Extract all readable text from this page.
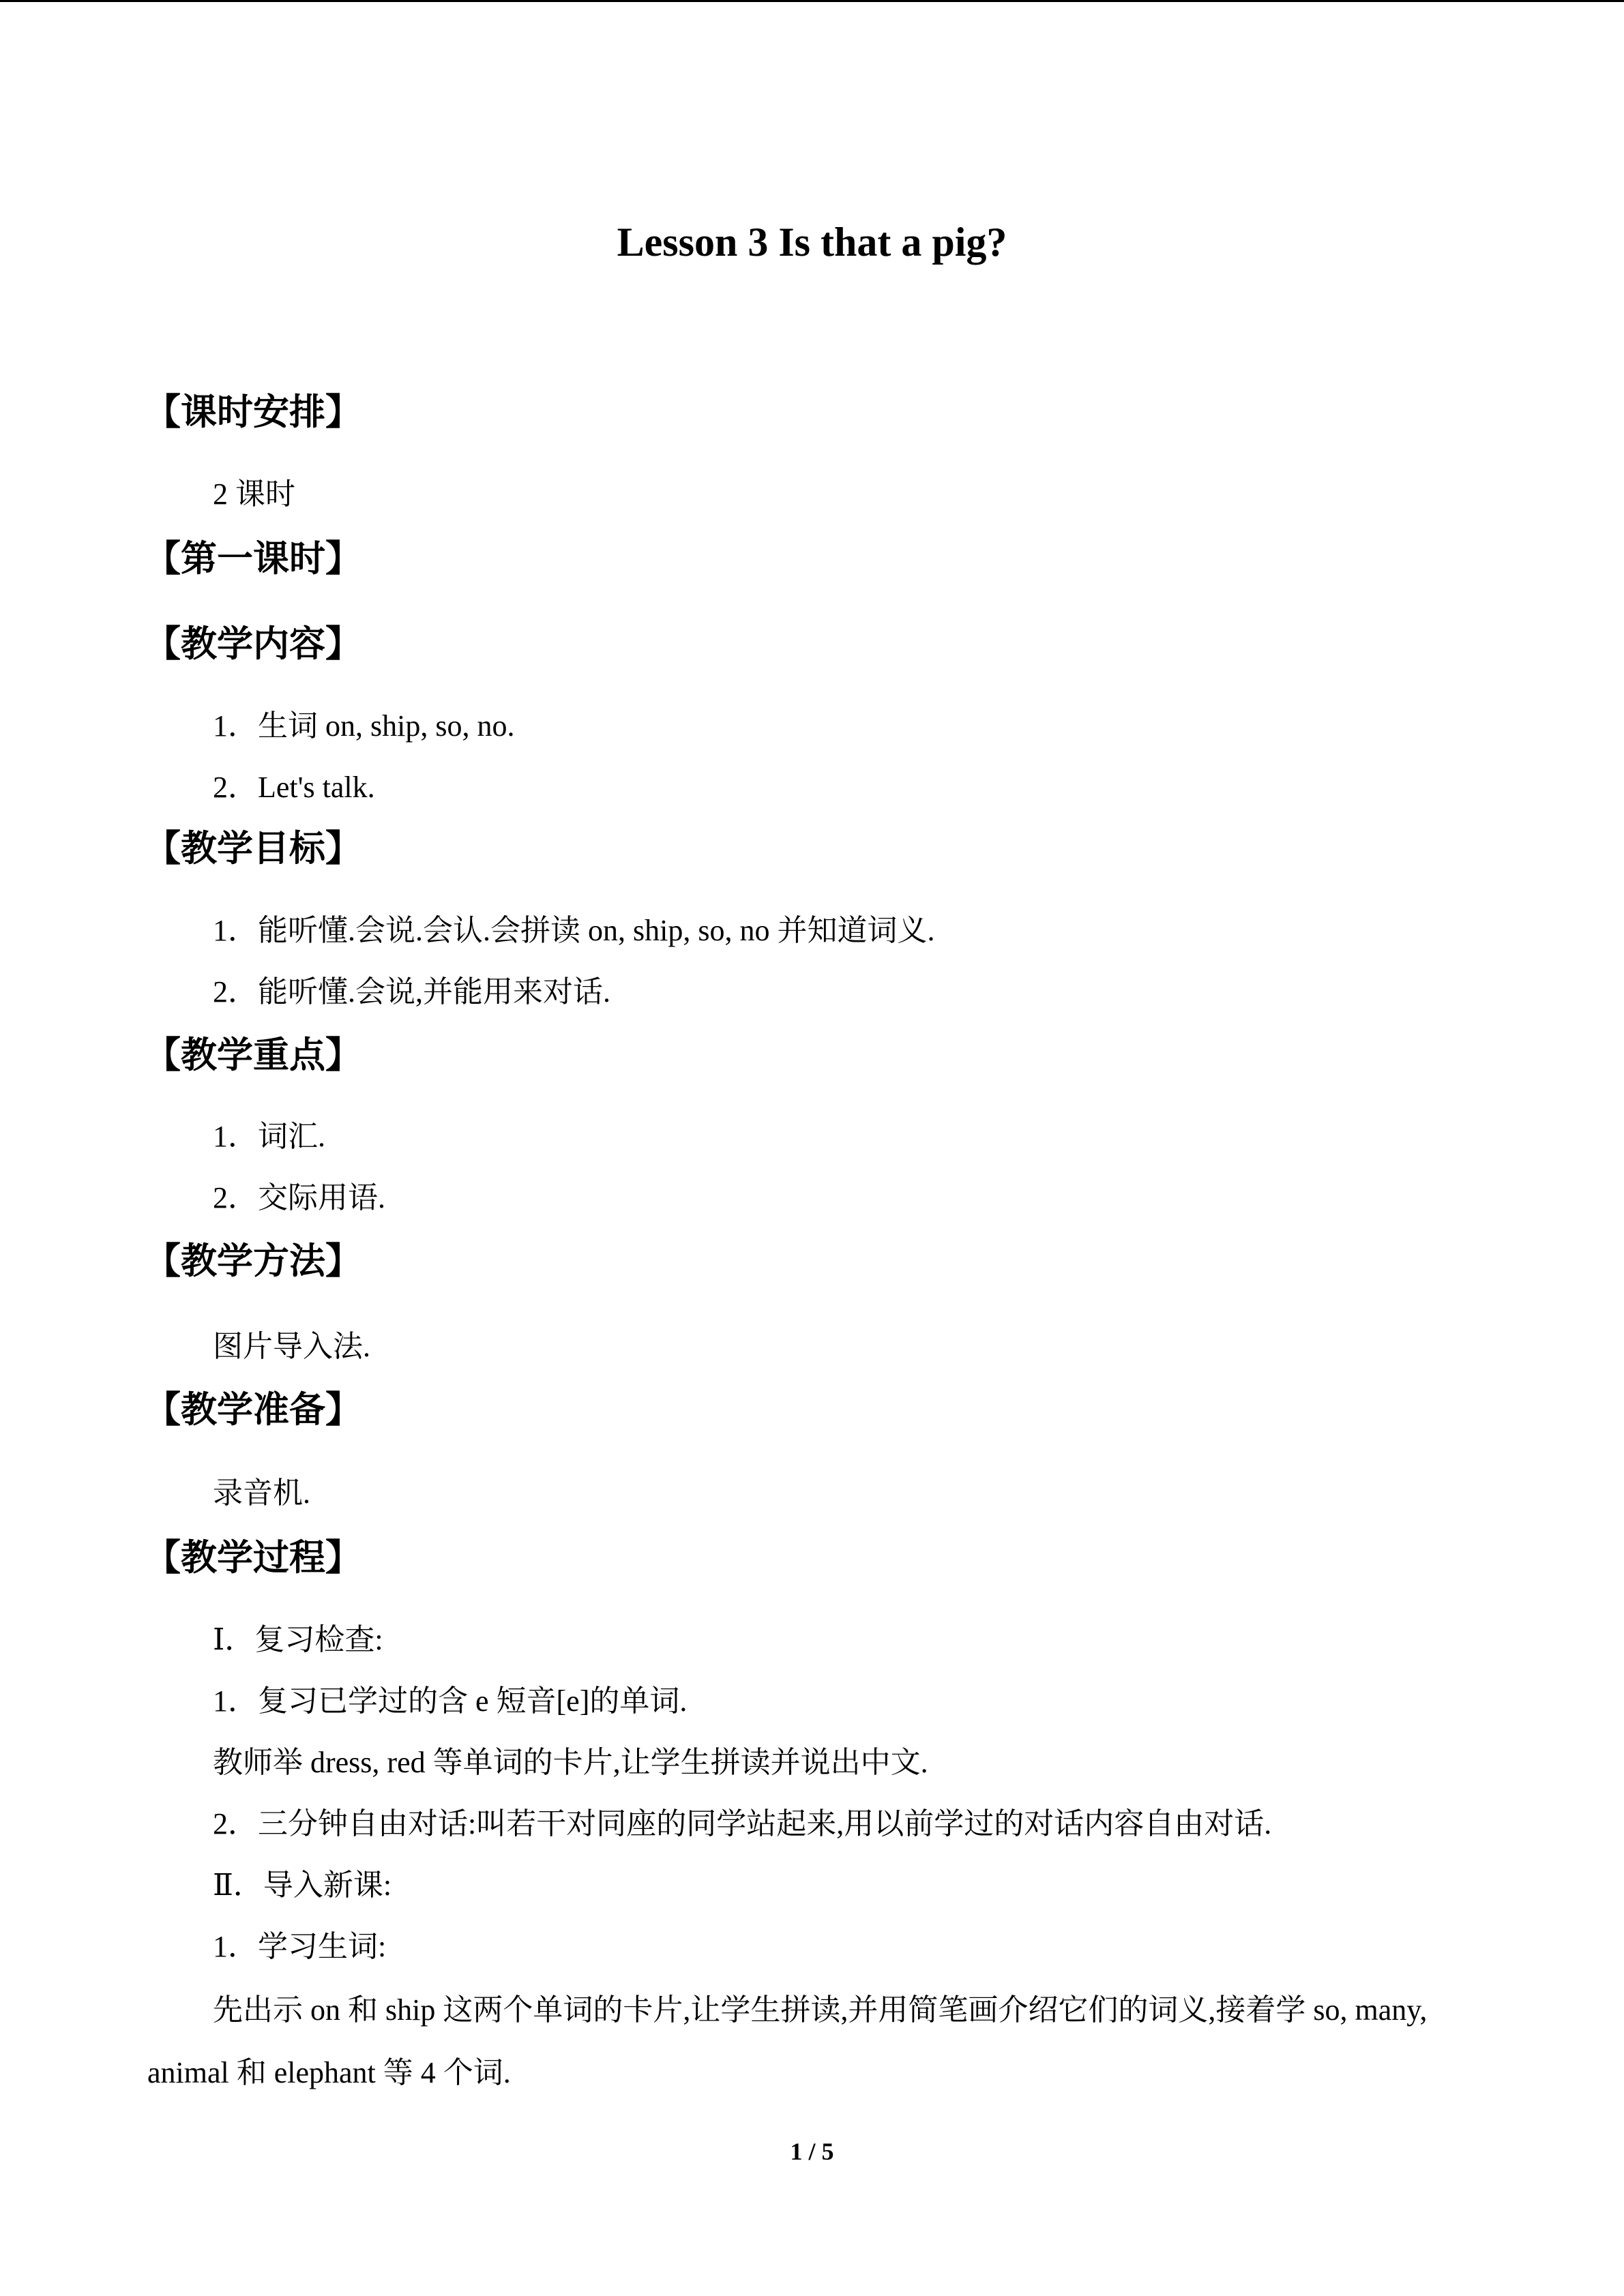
Lesson 3 Is that a pig?
【课时安排】

2 课时

【第一课时】
【教学内容】

1．生词 on, ship, so, no.

2．Let's talk.

【教学目标】

1．能听懂.会说.会认.会拼读 on, ship, so, no 并知道词义.

2．能听懂.会说,并能用来对话.

【教学重点】

1．词汇.

2．交际用语.

【教学方法】

图片导入法.

【教学准备】

录音机.

【教学过程】

Ⅰ．复习检查:

1．复习已学过的含 e 短音[e]的单词.

教师举 dress, red 等单词的卡片,让学生拼读并说出中文.

2．三分钟自由对话:叫若干对同座的同学站起来,用以前学过的对话内容自由对话.

Ⅱ．导入新课:

1．学习生词:

先出示 on 和 ship 这两个单词的卡片,让学生拼读,并用简笔画介绍它们的词义,接着学 so, many, animal 和 elephant 等 4 个词.

1 / 5
